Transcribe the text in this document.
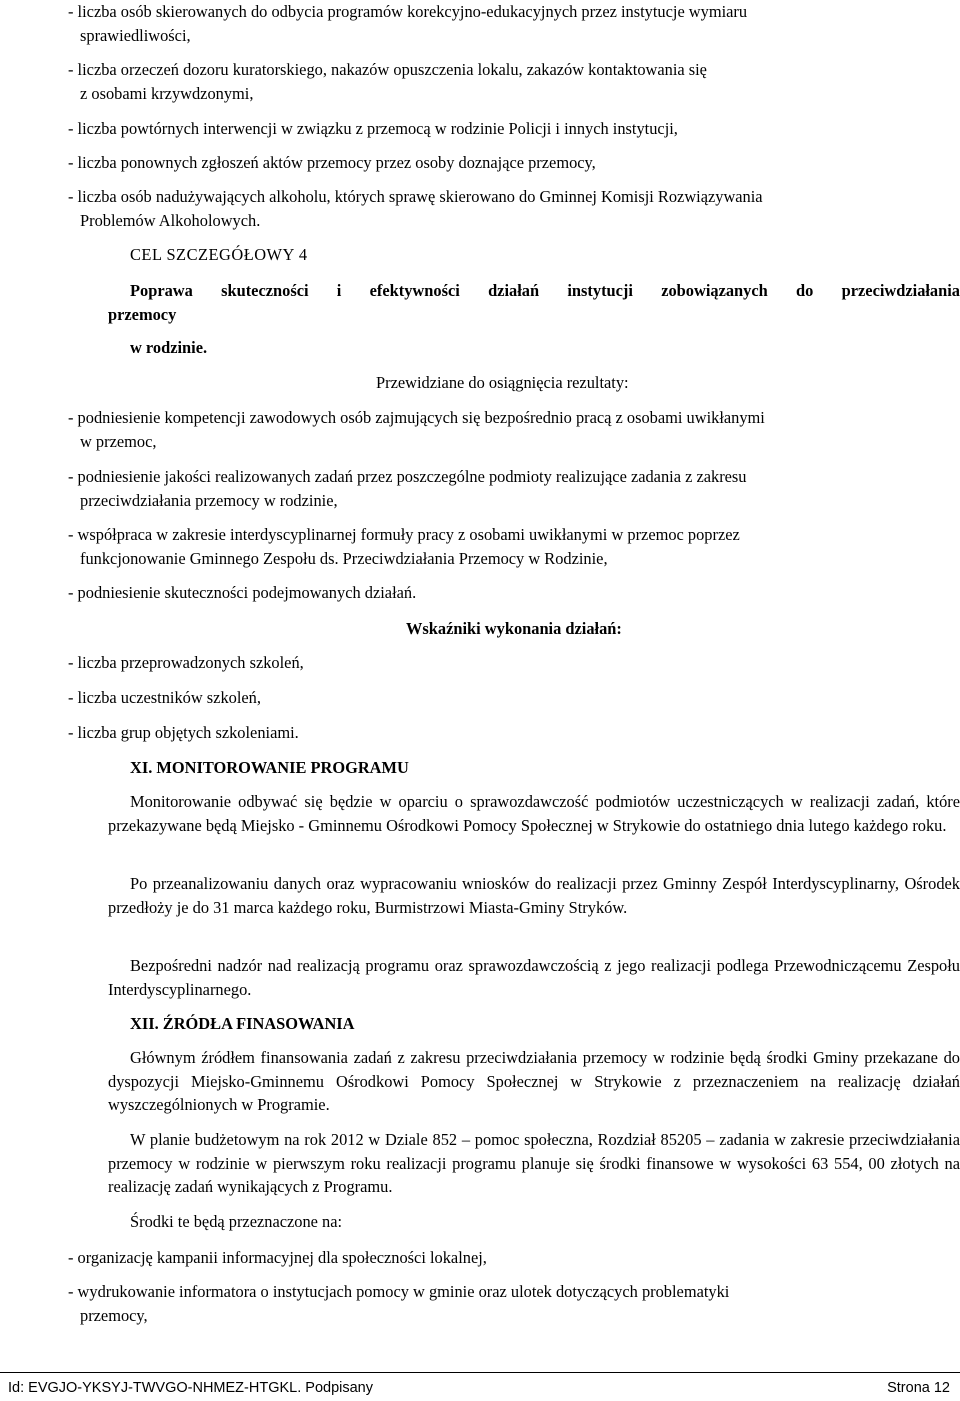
- liczba osób skierowanych do odbycia programów korekcyjno-edukacyjnych przez instytucje wymiaru
sprawiedliwości,
- liczba orzeczeń dozoru kuratorskiego, nakazów opuszczenia lokalu, zakazów kontaktowania się
z osobami krzywdzonymi,
- liczba powtórnych interwencji w związku z przemocą w rodzinie Policji i innych instytucji,
- liczba ponownych zgłoszeń aktów przemocy przez osoby doznające przemocy,
- liczba osób nadużywających alkoholu, których sprawę skierowano do Gminnej Komisji Rozwiązywania
Problemów Alkoholowych.
CEL SZCZEGÓŁOWY 4
Poprawa skuteczności i efektywności działań instytucji zobowiązanych do przeciwdziałania
przemocy
w rodzinie.
Przewidziane do osiągnięcia rezultaty:
- podniesienie kompetencji zawodowych osób zajmujących się bezpośrednio pracą z osobami uwikłanymi
w przemoc,
- podniesienie jakości realizowanych zadań przez poszczególne podmioty realizujące zadania z zakresu
przeciwdziałania przemocy w rodzinie,
- współpraca w zakresie interdyscyplinarnej formuły pracy z osobami uwikłanymi w przemoc poprzez
funkcjonowanie Gminnego Zespołu ds. Przeciwdziałania Przemocy w Rodzinie,
- podniesienie skuteczności podejmowanych działań.
Wskaźniki wykonania działań:
- liczba przeprowadzonych szkoleń,
- liczba uczestników szkoleń,
- liczba grup objętych szkoleniami.
XI. MONITOROWANIE PROGRAMU

Monitorowanie odbywać się będzie w oparciu o sprawozdawczość podmiotów uczestniczących w realizacji zadań, które przekazywane będą Miejsko - Gminnemu Ośrodkowi Pomocy Społecznej w Strykowie do ostatniego dnia lutego każdego roku.

Po przeanalizowaniu danych oraz wypracowaniu wniosków do realizacji przez Gminny Zespół Interdyscyplinarny, Ośrodek przedłoży je do 31 marca każdego roku, Burmistrzowi Miasta-Gminy Stryków.

Bezpośredni nadzór nad realizacją programu oraz sprawozdawczością z jego realizacji podlega Przewodniczącemu Zespołu Interdyscyplinarnego.

XII. ŹRÓDŁA FINASOWANIA

Głównym źródłem finansowania zadań z zakresu przeciwdziałania przemocy w rodzinie będą środki Gminy przekazane do dyspozycji Miejsko-Gminnemu Ośrodkowi Pomocy Społecznej w Strykowie z przeznaczeniem na realizację działań wyszczególnionych w Programie.

W planie budżetowym na rok 2012 w Dziale 852 – pomoc społeczna, Rozdział 85205 – zadania w zakresie przeciwdziałania przemocy w rodzinie w pierwszym roku realizacji programu planuje się środki finansowe w wysokości 63 554, 00 złotych na realizację zadań wynikających z Programu.

Środki te będą przeznaczone na:

- organizację kampanii informacyjnej dla społeczności lokalnej,
- wydrukowanie informatora o instytucjach pomocy w gminie oraz ulotek dotyczących problematyki
przemocy,
Id: EVGJO-YKSYJ-TWVGO-NHMEZ-HTGKL. Podpisany	Strona 12
